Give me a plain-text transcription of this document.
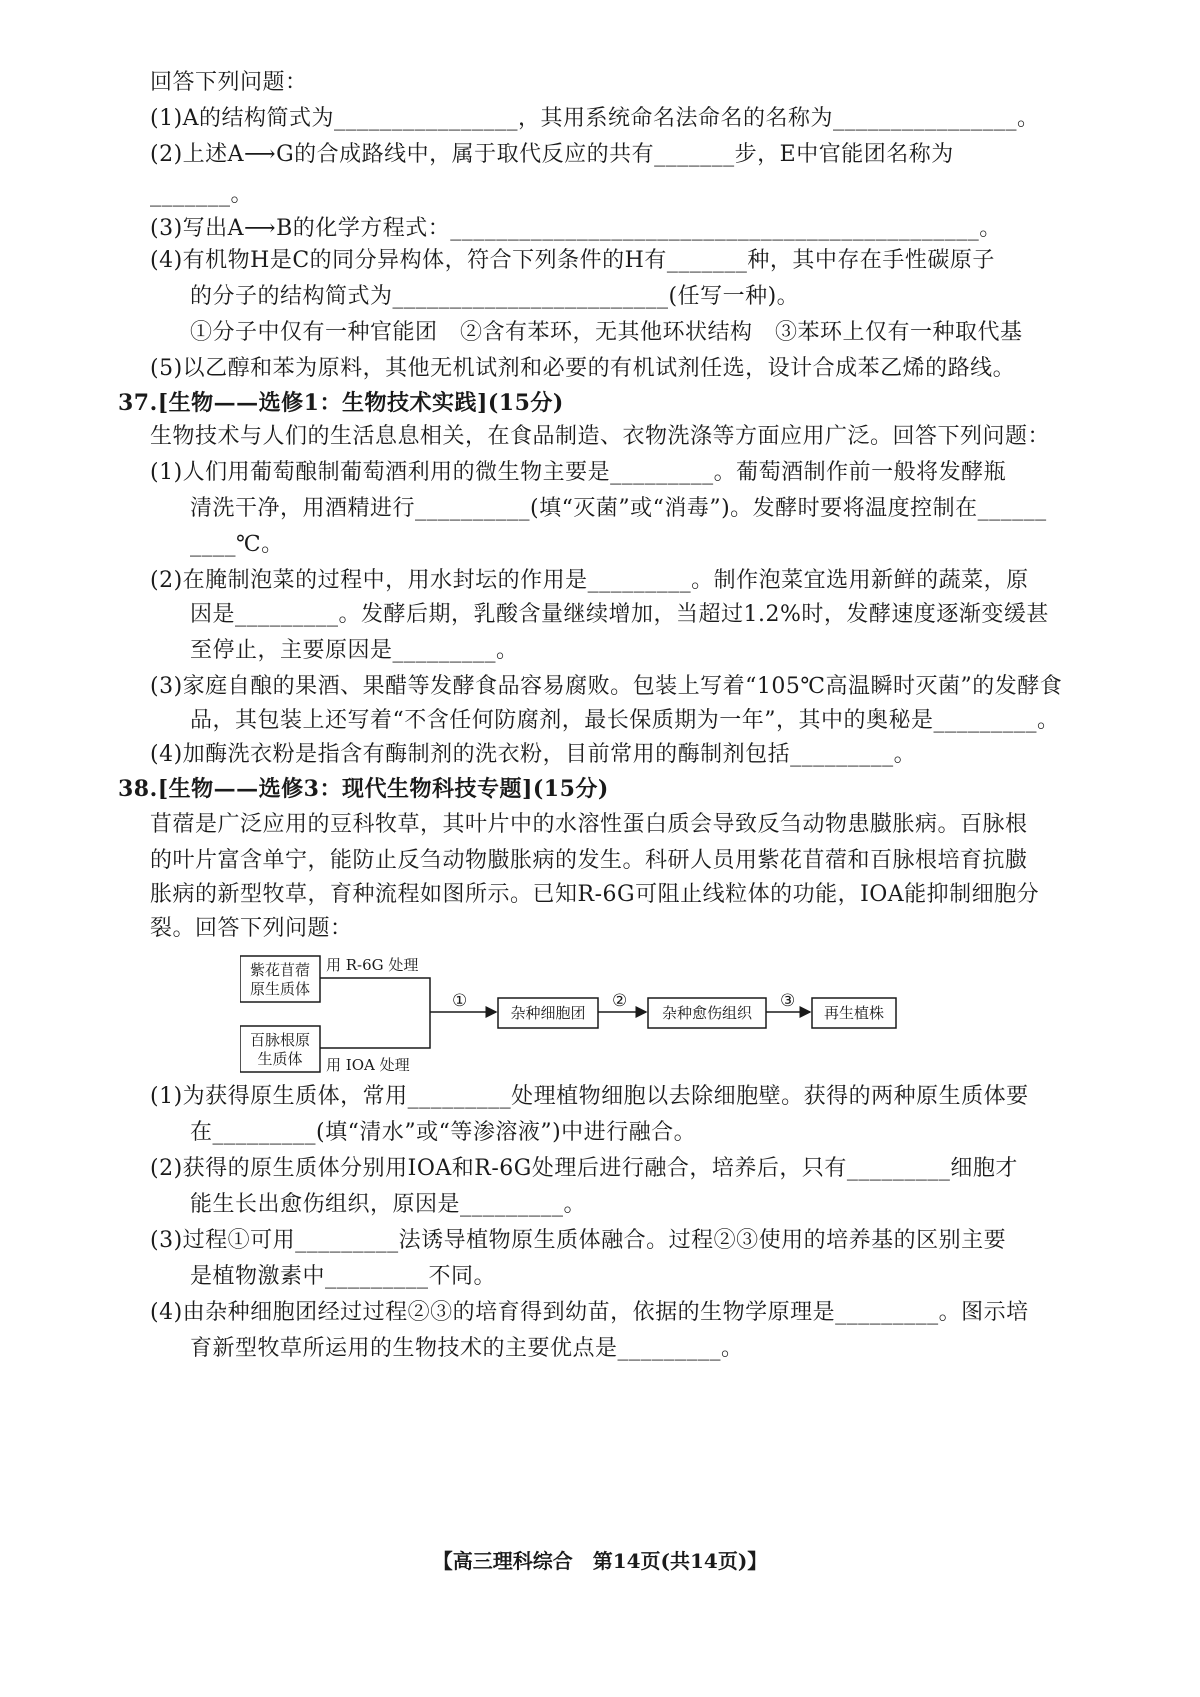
回答下列问题：
(1)A的结构简式为________________，其用系统命名法命名的名称为________________。
(2)上述A⟶G的合成路线中，属于取代反应的共有_______步，E中官能团名称为
_______。
(3)写出A⟶B的化学方程式：______________________________________________。
(4)有机物H是C的同分异构体，符合下列条件的H有_______种，其中存在手性碳原子
的分子的结构简式为________________________(任写一种)。
①分子中仅有一种官能团　②含有苯环，无其他环状结构　③苯环上仅有一种取代基
(5)以乙醇和苯为原料，其他无机试剂和必要的有机试剂任选，设计合成苯乙烯的路线。
37.[生物——选修1：生物技术实践](15分)
生物技术与人们的生活息息相关，在食品制造、衣物洗涤等方面应用广泛。回答下列问题：
(1)人们用葡萄酿制葡萄酒利用的微生物主要是_________。葡萄酒制作前一般将发酵瓶
清洗干净，用酒精进行__________(填“灭菌”或“消毒”)。发酵时要将温度控制在______
____℃。
(2)在腌制泡菜的过程中，用水封坛的作用是_________。制作泡菜宜选用新鲜的蔬菜，原
因是_________。发酵后期，乳酸含量继续增加，当超过1.2%时，发酵速度逐渐变缓甚
至停止，主要原因是_________。
(3)家庭自酿的果酒、果醋等发酵食品容易腐败。包装上写着“105℃高温瞬时灭菌”的发酵食
品，其包装上还写着“不含任何防腐剂，最长保质期为一年”，其中的奥秘是_________。
(4)加酶洗衣粉是指含有酶制剂的洗衣粉，目前常用的酶制剂包括_________。
38.[生物——选修3：现代生物科技专题](15分)
苜蓿是广泛应用的豆科牧草，其叶片中的水溶性蛋白质会导致反刍动物患臌胀病。百脉根
的叶片富含单宁，能防止反刍动物臌胀病的发生。科研人员用紫花苜蓿和百脉根培育抗臌
胀病的新型牧草，育种流程如图所示。已知R-6G可阻止线粒体的功能，IOA能抑制细胞分
裂。回答下列问题：
紫花苜蓿
原生质体
用 R-6G 处理
百脉根原
生质体 用 IOA 处理
①	②	③
杂种细胞团	杂种愈伤组织	再生植株
(1)为获得原生质体，常用_________处理植物细胞以去除细胞壁。获得的两种原生质体要
在_________(填“清水”或“等渗溶液”)中进行融合。
(2)获得的原生质体分别用IOA和R-6G处理后进行融合，培养后，只有_________细胞才
能生长出愈伤组织，原因是_________。
(3)过程①可用_________法诱导植物原生质体融合。过程②③使用的培养基的区别主要
是植物激素中_________不同。
(4)由杂种细胞团经过过程②③的培育得到幼苗，依据的生物学原理是_________。图示培
育新型牧草所运用的生物技术的主要优点是_________。
【高三理科综合　第14页(共14页)】
